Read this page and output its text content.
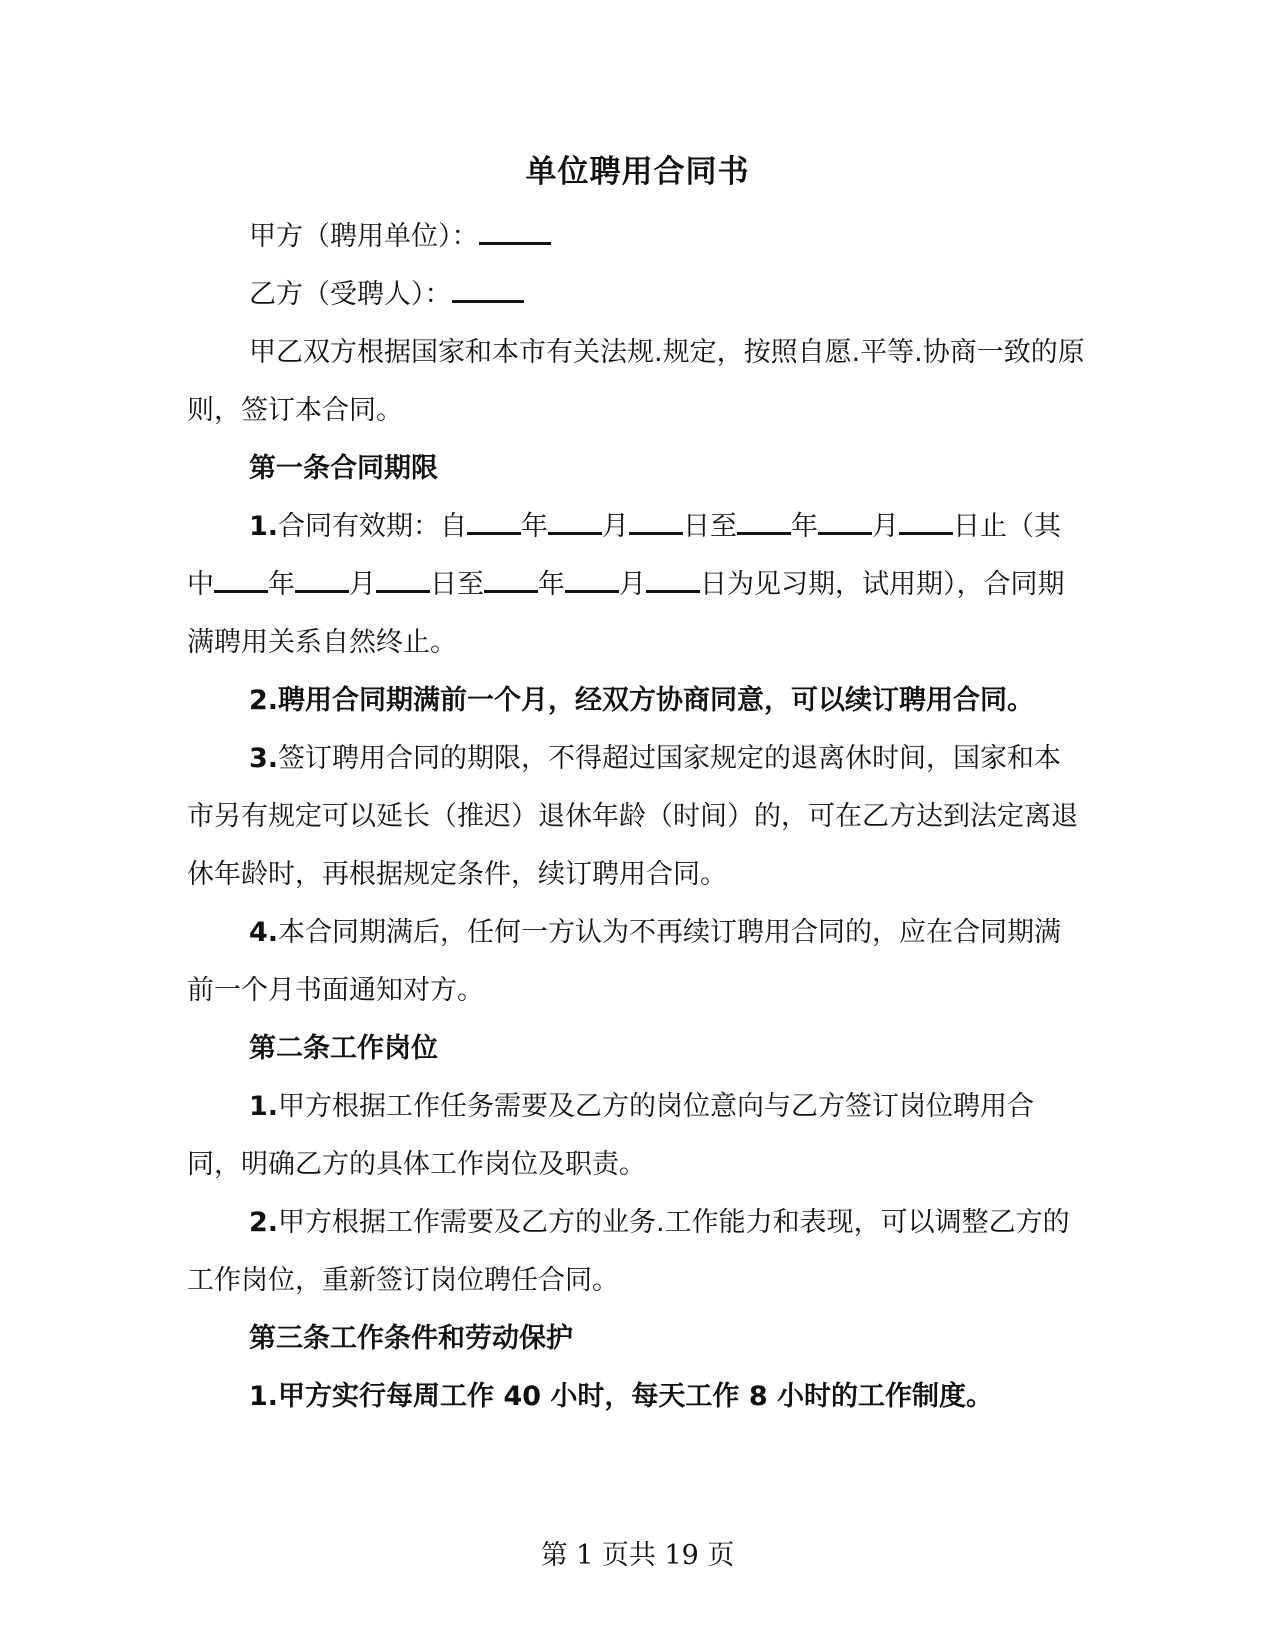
单位聘用合同书

甲方（聘用单位）：

乙方（受聘人）：

甲乙双方根据国家和本市有关法规.规定，按照自愿.平等.协商一致的原则，签订本合同。

第一条合同期限

1.合同有效期：自 年 月 日至 年 月 日止（其中 年 月 日至 年 月 日为见习期，试用期），合同期满聘用关系自然终止。

2.聘用合同期满前一个月，经双方协商同意，可以续订聘用合同。

3.签订聘用合同的期限，不得超过国家规定的退离休时间，国家和本市另有规定可以延长（推迟）退休年龄（时间）的，可在乙方达到法定离退休年龄时，再根据规定条件，续订聘用合同。

4.本合同期满后，任何一方认为不再续订聘用合同的，应在合同期满前一个月书面通知对方。

第二条工作岗位

1.甲方根据工作任务需要及乙方的岗位意向与乙方签订岗位聘用合同，明确乙方的具体工作岗位及职责。

2.甲方根据工作需要及乙方的业务.工作能力和表现，可以调整乙方的工作岗位，重新签订岗位聘任合同。

第三条工作条件和劳动保护

1.甲方实行每周工作 40 小时，每天工作 8 小时的工作制度。

第 1 页共 19 页
